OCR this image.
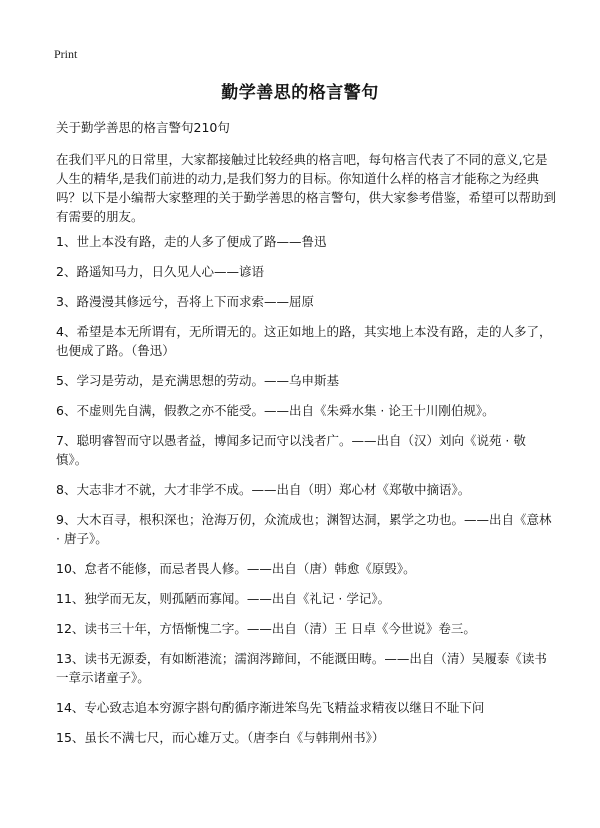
Print
勤学善思的格言警句

关于勤学善思的格言警句210句

在我们平凡的日常里，大家都接触过比较经典的格言吧，每句格言代表了不同的意义,它是人生的精华,是我们前进的动力,是我们努力的目标。你知道什么样的格言才能称之为经典吗？以下是小编帮大家整理的关于勤学善思的格言警句，供大家参考借鉴，希望可以帮助到有需要的朋友。

1、世上本没有路，走的人多了便成了路——鲁迅
2、路遥知马力，日久见人心——谚语
3、路漫漫其修远兮，吾将上下而求索——屈原
4、希望是本无所谓有，无所谓无的。这正如地上的路，其实地上本没有路，走的人多了，也便成了路。（鲁迅）
5、学习是劳动，是充满思想的劳动。——乌申斯基
6、不虚则先自满，假教之亦不能受。——出自《朱舜水集 · 论王十川刚伯规》。
7、聪明睿智而守以愚者益，博闻多记而守以浅者广。——出自（汉）刘向《说苑 · 敬慎》。
8、大志非才不就，大才非学不成。——出自（明）郑心材《郑敬中摘语》。
9、大木百寻，根积深也；沧海万仞，众流成也；渊智达洞，累学之功也。——出自《意林 · 唐子》。
10、怠者不能修，而忌者畏人修。——出自（唐）韩愈《原毁》。
11、独学而无友，则孤陋而寡闻。——出自《礼记 · 学记》。
12、读书三十年，方悟惭愧二字。——出自（清）王 日卓《今世说》卷三。
13、读书无源委，有如断港流；濡润涔蹄间，不能溉田畴。——出自（清）吴履泰《读书一章示诸童子》。
14、专心致志追本穷源字斟句酌循序渐进笨鸟先飞精益求精夜以继日不耻下问
15、虽长不满七尺，而心雄万丈。（唐李白《与韩荆州书》）
